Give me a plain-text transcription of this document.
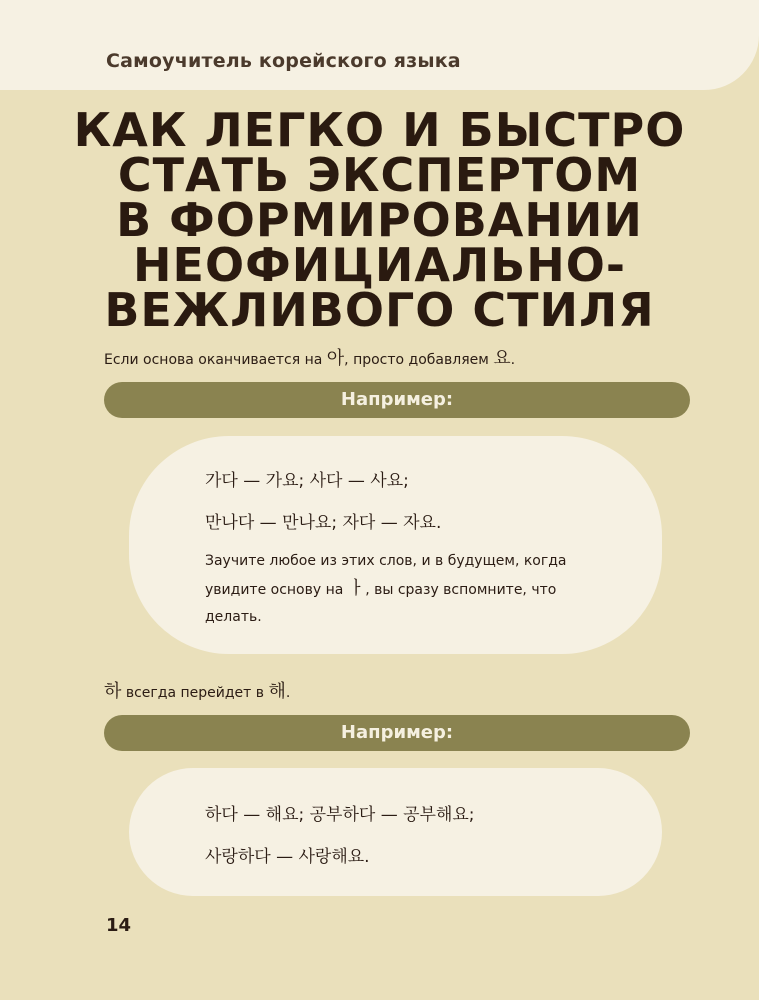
Самоучитель корейского языка
КАК ЛЕГКО И БЫСТРО
СТАТЬ ЭКСПЕРТОМ
В ФОРМИРОВАНИИ
НЕОФИЦИАЛЬНО-
ВЕЖЛИВОГО СТИЛЯ
Если основа оканчивается на 아, просто добавляем 요.
Например:
가다 — 가요; 사다 — 사요;
만나다 — 만나요; 자다 — 자요.
Заучите любое из этих слов, и в будущем, когда увидите основу на ㅏ, вы сразу вспомните, что делать.
하 всегда перейдет в 해.
Например:
하다 — 해요; 공부하다 — 공부해요;
사랑하다 — 사랑해요.
14
